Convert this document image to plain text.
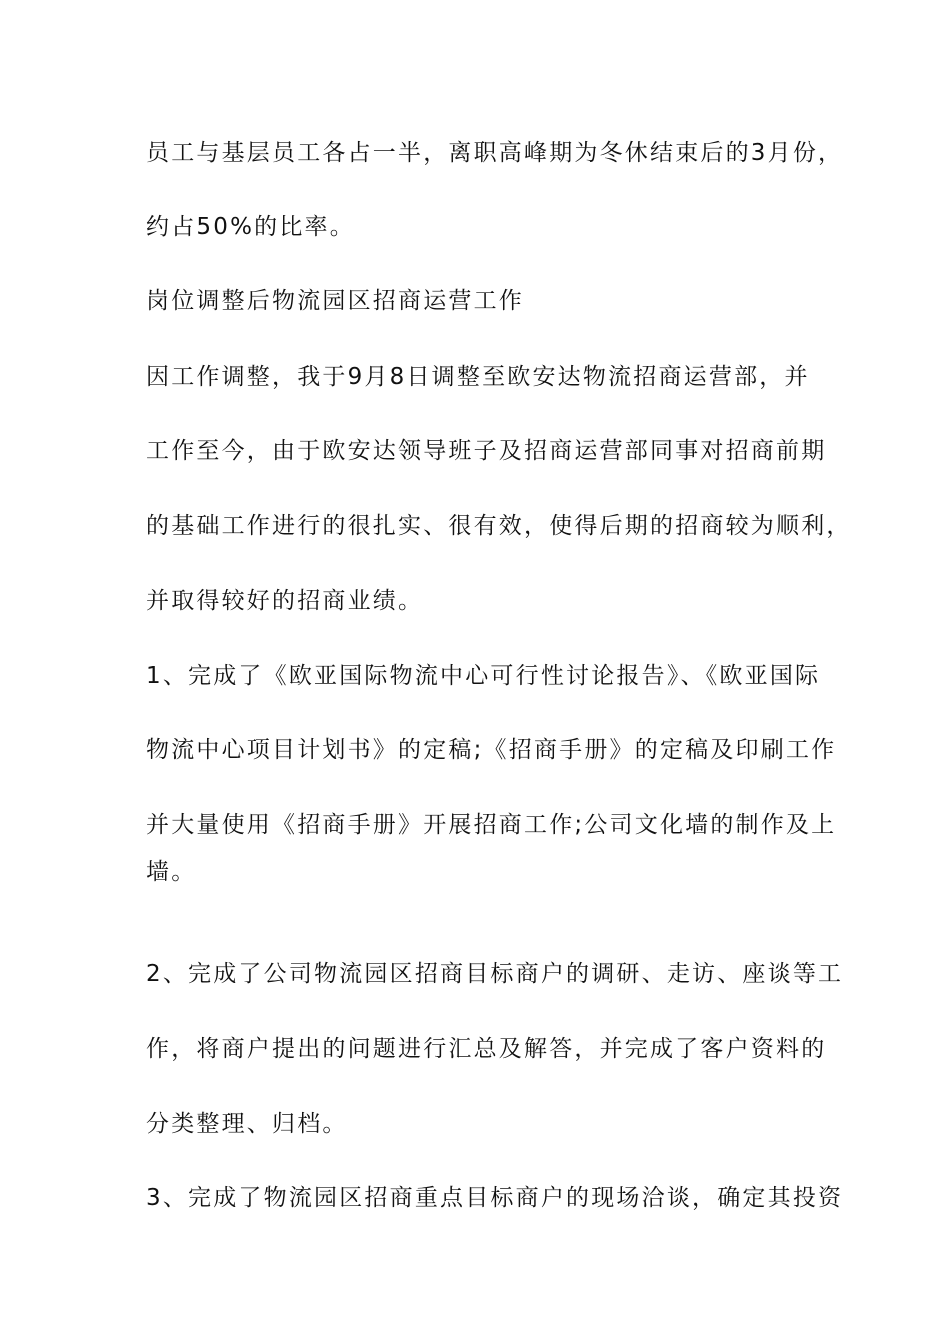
员工与基层员工各占一半，离职高峰期为冬休结束后的3月份，
约占50%的比率。
岗位调整后物流园区招商运营工作
因工作调整，我于9月8日调整至欧安达物流招商运营部，并
工作至今，由于欧安达领导班子及招商运营部同事对招商前期
的基础工作进行的很扎实、很有效，使得后期的招商较为顺利，
并取得较好的招商业绩。
1、完成了《欧亚国际物流中心可行性讨论报告》、《欧亚国际
物流中心项目计划书》的定稿;《招商手册》的定稿及印刷工作
并大量使用《招商手册》开展招商工作;公司文化墙的制作及上
墙。
2、完成了公司物流园区招商目标商户的调研、走访、座谈等工
作，将商户提出的问题进行汇总及解答，并完成了客户资料的
分类整理、归档。
3、完成了物流园区招商重点目标商户的现场洽谈，确定其投资
